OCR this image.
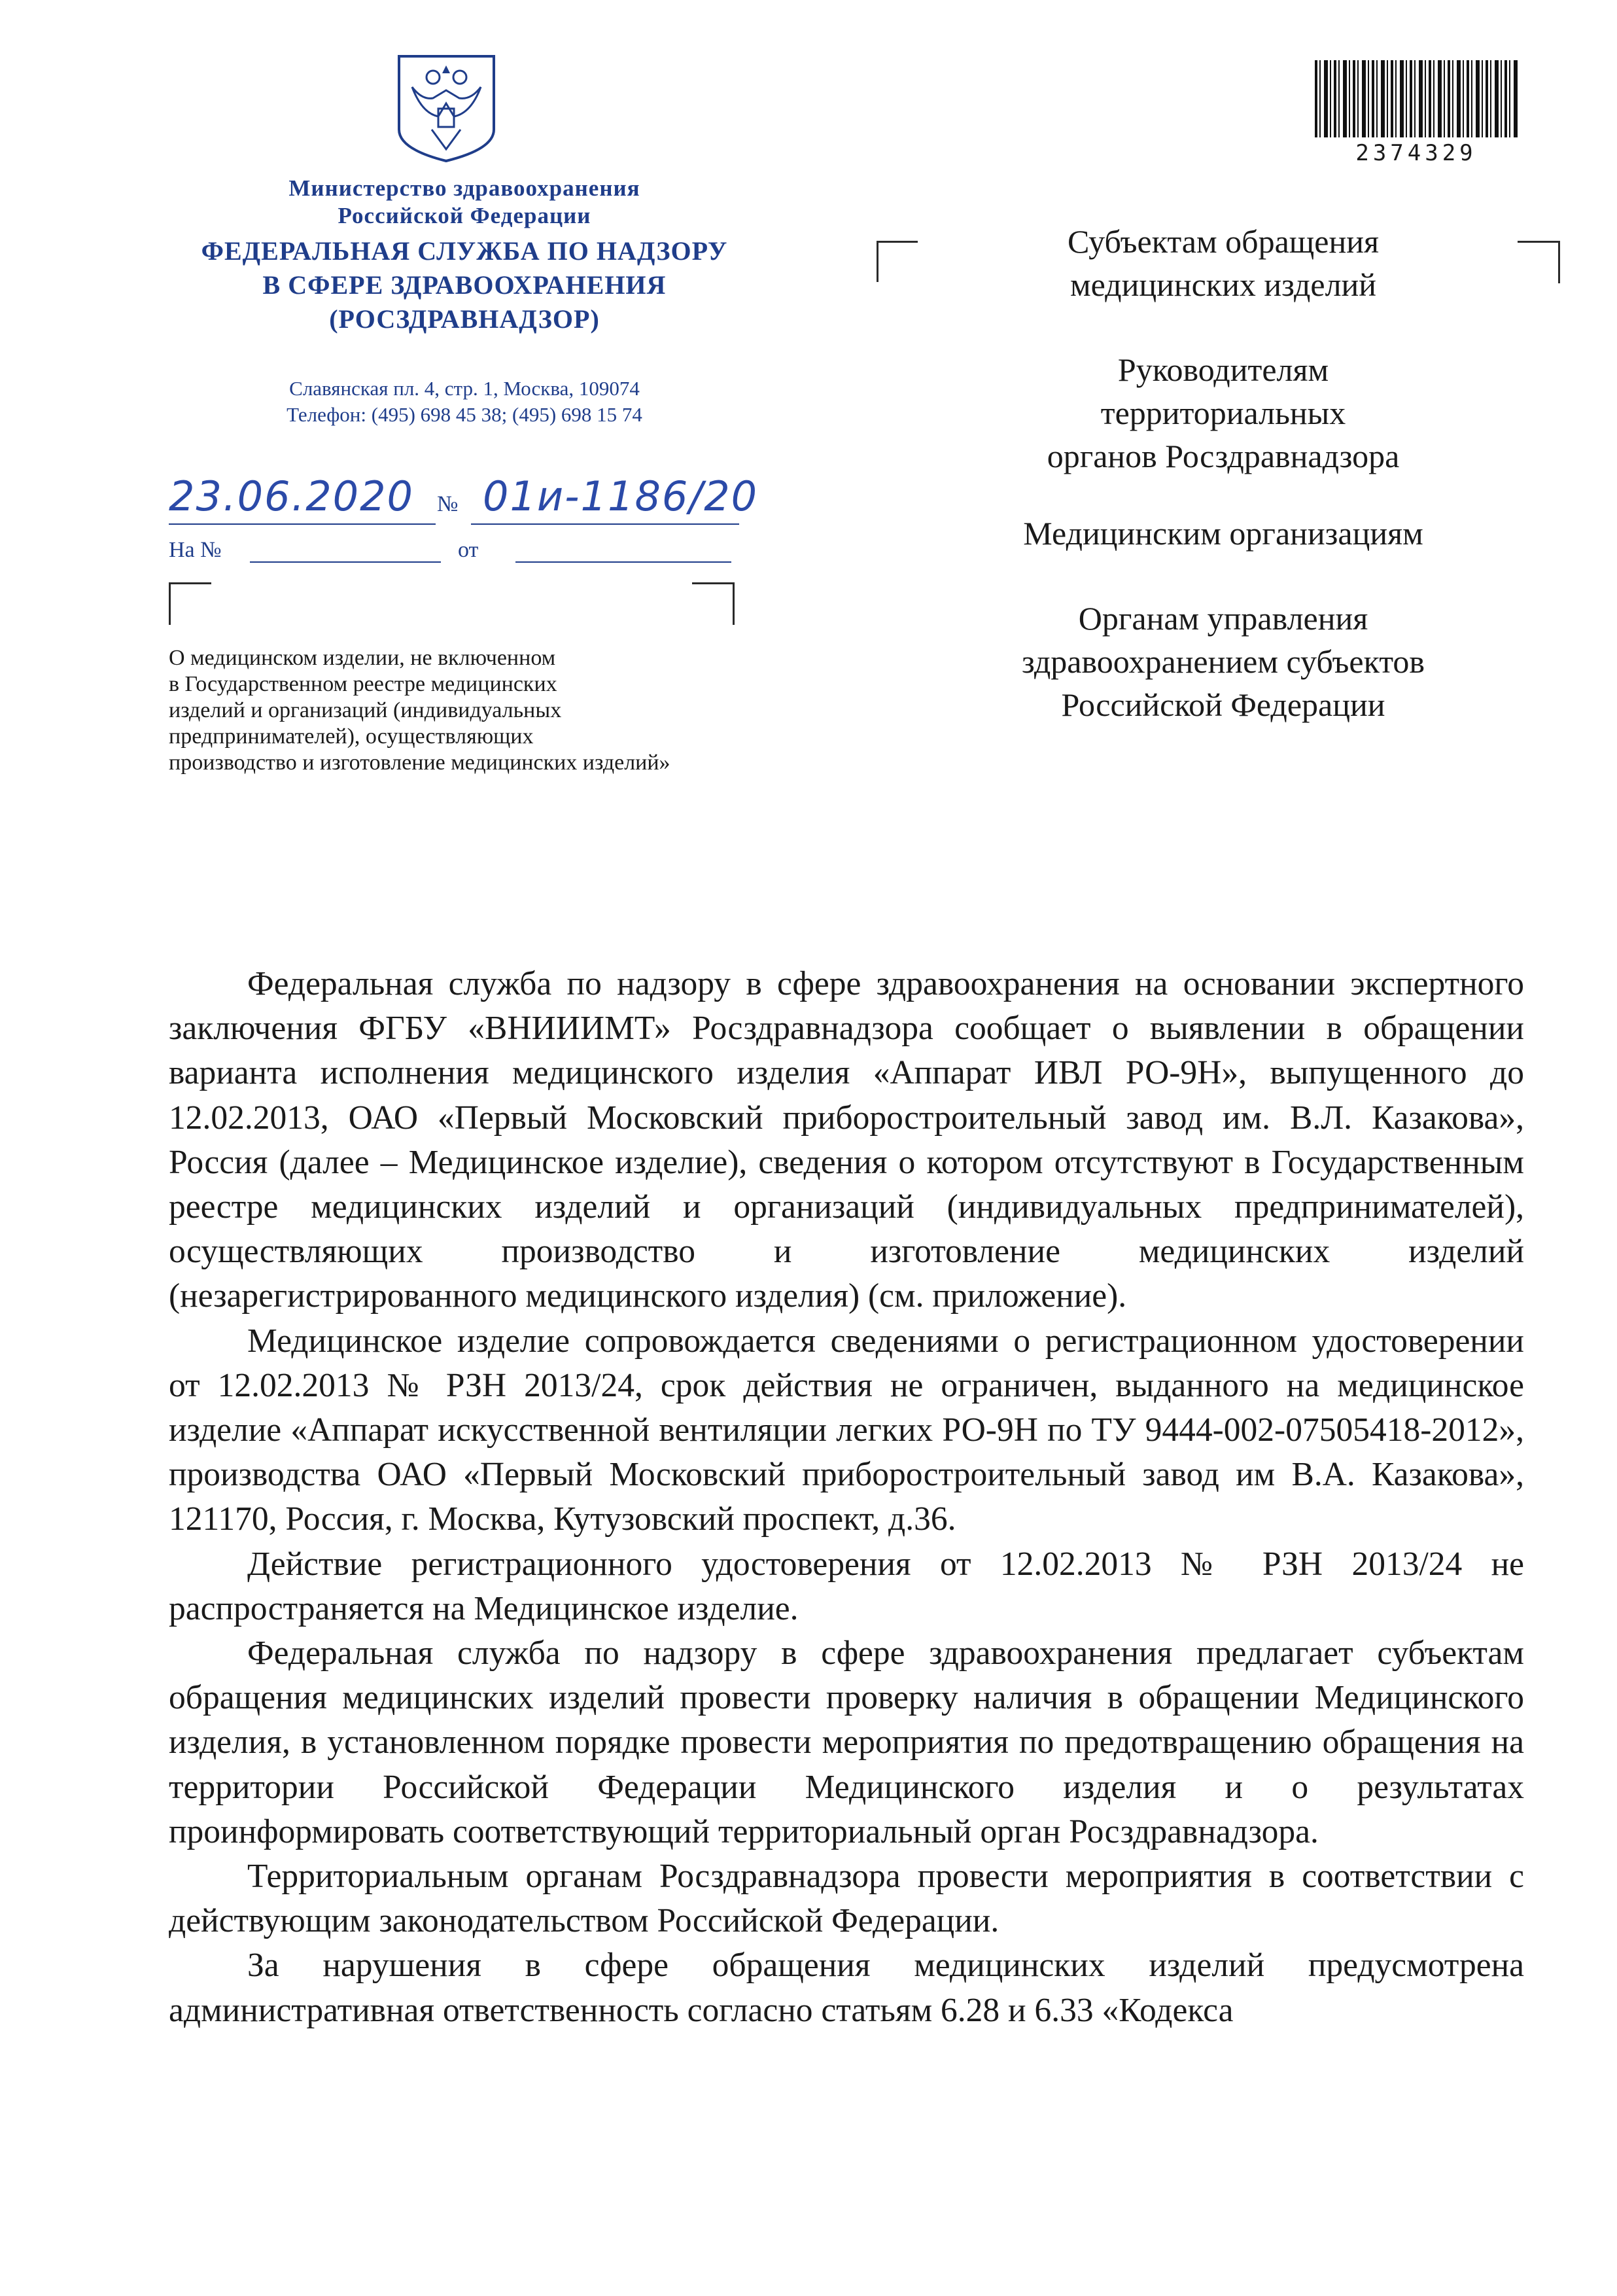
Министерство здравоохранения
Российской Федерации
ФЕДЕРАЛЬНАЯ СЛУЖБА ПО НАДЗОРУ
В СФЕРЕ ЗДРАВООХРАНЕНИЯ
(РОСЗДРАВНАДЗОР)
Славянская пл. 4, стр. 1, Москва, 109074
Телефон: (495) 698 45 38; (495) 698 15 74
23.06.2020 № 01и-1186/20
На №	от
О медицинском изделии, не включенном
в Государственном реестре медицинских
изделий и организаций (индивидуальных
предпринимателей), осуществляющих
производство и изготовление медицинских изделий»
2374329
Субъектам обращения
медицинских изделий
Руководителям
территориальных
органов Росздравнадзора
Медицинским организациям
Органам управления
здравоохранением субъектов
Российской Федерации

Федеральная служба по надзору в сфере здравоохранения на основании экспертного заключения ФГБУ «ВНИИИМТ» Росздравнадзора сообщает о выявлении в обращении варианта исполнения медицинского изделия «Аппарат ИВЛ РО-9Н», выпущенного до 12.02.2013, ОАО «Первый Московский приборостроительный завод им. В.Л. Казакова», Россия (далее – Медицинское изделие), сведения о котором отсутствуют в Государственным реестре медицинских изделий и организаций (индивидуальных предпринимателей), осуществляющих производство и изготовление медицинских изделий (незарегистрированного медицинского изделия) (см. приложение).

Медицинское изделие сопровождается сведениями о регистрационном удостоверении от 12.02.2013 № РЗН 2013/24, срок действия не ограничен, выданного на медицинское изделие «Аппарат искусственной вентиляции легких РО-9Н по ТУ 9444-002-07505418-2012», производства ОАО «Первый Московский приборостроительный завод им В.А. Казакова», 121170, Россия, г. Москва, Кутузовский проспект, д.36.

Действие регистрационного удостоверения от 12.02.2013 № РЗН 2013/24 не распространяется на Медицинское изделие.

Федеральная служба по надзору в сфере здравоохранения предлагает субъектам обращения медицинских изделий провести проверку наличия в обращении Медицинского изделия, в установленном порядке провести мероприятия по предотвращению обращения на территории Российской Федерации Медицинского изделия и о результатах проинформировать соответствующий территориальный орган Росздравнадзора.

Территориальным органам Росздравнадзора провести мероприятия в соответствии с действующим законодательством Российской Федерации.

За нарушения в сфере обращения медицинских изделий предусмотрена административная ответственность согласно статьям 6.28 и 6.33 «Кодекса
